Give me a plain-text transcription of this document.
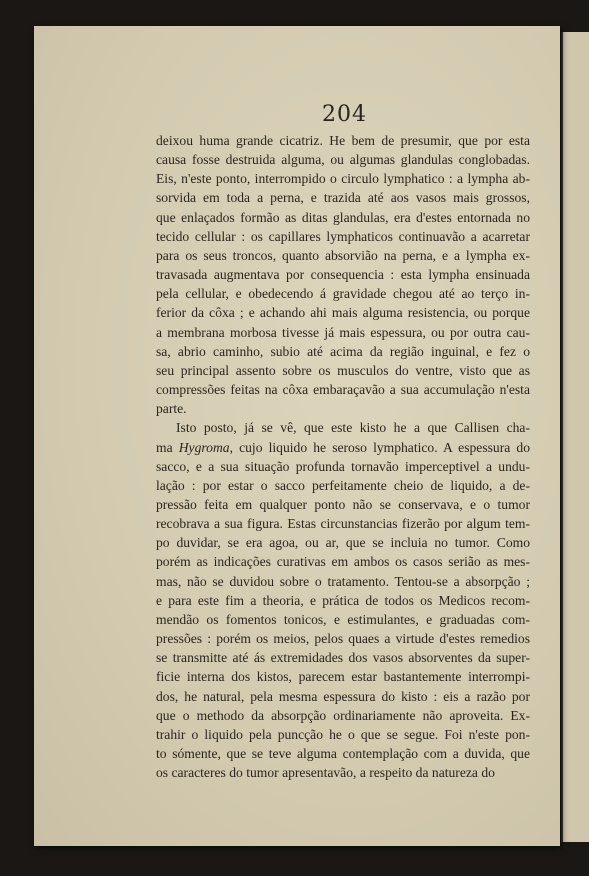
204
deixou huma grande cicatriz. He bem de presumir, que por esta
causa fosse destruida alguma, ou algumas glandulas conglobadas.
Eis, n'este ponto, interrompido o circulo lymphatico : a lympha ab-
sorvida em toda a perna, e trazida até aos vasos mais grossos,
que enlaçados formão as ditas glandulas, era d'estes entornada no
tecido cellular : os capillares lymphaticos continuavão a acarretar
para os seus troncos, quanto absorvião na perna, e a lympha ex-
travasada augmentava por consequencia : esta lympha ensinuada
pela cellular, e obedecendo á gravidade chegou até ao terço in-
ferior da côxa ; e achando ahi mais alguma resistencia, ou porque
a membrana morbosa tivesse já mais espessura, ou por outra cau-
sa, abrio caminho, subio até acima da região inguinal, e fez o
seu principal assento sobre os musculos do ventre, visto que as
compressões feitas na côxa embaraçavão a sua accumulação n'esta
parte.
Isto posto, já se vê, que este kisto he a que Callisen cha-
ma Hygroma, cujo liquido he seroso lymphatico. A espessura do
sacco, e a sua situação profunda tornavão imperceptivel a undu-
lação : por estar o sacco perfeitamente cheio de liquido, a de-
pressão feita em qualquer ponto não se conservava, e o tumor
recobrava a sua figura. Estas circunstancias fizerão por algum tem-
po duvidar, se era agoa, ou ar, que se incluia no tumor. Como
porém as indicações curativas em ambos os casos serião as mes-
mas, não se duvidou sobre o tratamento. Tentou-se a absorpção ;
e para este fim a theoria, e prática de todos os Medicos recom-
mendão os fomentos tonicos, e estimulantes, e graduadas com-
pressões : porém os meios, pelos quaes a virtude d'estes remedios
se transmitte até ás extremidades dos vasos absorventes da super-
ficie interna dos kistos, parecem estar bastantemente interrompi-
dos, he natural, pela mesma espessura do kisto : eis a razão por
que o methodo da absorpção ordinariamente não aproveita. Ex-
trahir o liquido pela puncção he o que se segue. Foi n'este pon-
to sómente, que se teve alguma contemplação com a duvida, que
os caracteres do tumor apresentavão, a respeito da natureza do
